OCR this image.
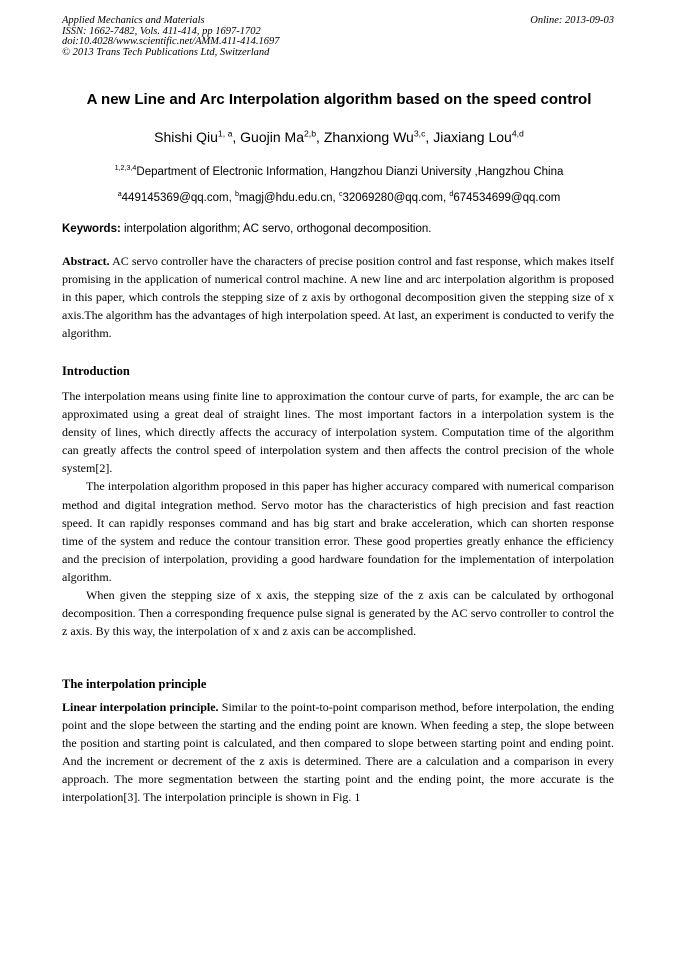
Applied Mechanics and Materials	Online: 2013-09-03
ISSN: 1662-7482, Vols. 411-414, pp 1697-1702
doi:10.4028/www.scientific.net/AMM.411-414.1697
© 2013 Trans Tech Publications Ltd, Switzerland
A new Line and Arc Interpolation algorithm based on the speed control
Shishi Qiu$^{1, a}$, Guojin Ma$^{2,b}$, Zhanxiong Wu$^{3,c}$, Jiaxiang Lou$^{4,d}$
$^{1,2,3,4}$Department of Electronic Information, Hangzhou Dianzi University ,Hangzhou China
$^a$449145369@qq.com, $^b$magj@hdu.edu.cn, $^c$32069280@qq.com, $^d$674534699@qq.com
Keywords: interpolation algorithm; AC servo, orthogonal decomposition.

Abstract. AC servo controller have the characters of precise position control and fast response, which makes itself promising in the application of numerical control machine. A new line and arc interpolation algorithm is proposed in this paper, which controls the stepping size of z axis by orthogonal decomposition given the stepping size of x axis.The algorithm has the advantages of high interpolation speed. At last, an experiment is conducted to verify the algorithm.

Introduction

The interpolation means using finite line to approximation the contour curve of parts, for example, the arc can be approximated using a great deal of straight lines. The most important factors in a interpolation system is the density of lines, which directly affects the accuracy of interpolation system. Computation time of the algorithm can greatly affects the control speed of interpolation system and then affects the control precision of the whole system[2].

The interpolation algorithm proposed in this paper has higher accuracy compared with numerical comparison method and digital integration method. Servo motor has the characteristics of high precision and fast reaction speed. It can rapidly responses command and has big start and brake acceleration, which can shorten response time of the system and reduce the contour transition error. These good properties greatly enhance the efficiency and the precision of interpolation, providing a good hardware foundation for the implementation of interpolation algorithm.

When given the stepping size of x axis, the stepping size of the z axis can be calculated by orthogonal decomposition. Then a corresponding frequence pulse signal is generated by the AC servo controller to control the z axis. By this way, the interpolation of x and z axis can be accomplished.

The interpolation principle

Linear interpolation principle. Similar to the point-to-point comparison method, before interpolation, the ending point and the slope between the starting and the ending point are known. When feeding a step, the slope between the position and starting point is calculated, and then compared to slope between starting point and ending point. And the increment or decrement of the z axis is determined. There are a calculation and a comparison in every approach. The more segmentation between the starting point and the ending point, the more accurate is the interpolation[3]. The interpolation principle is shown in Fig. 1
